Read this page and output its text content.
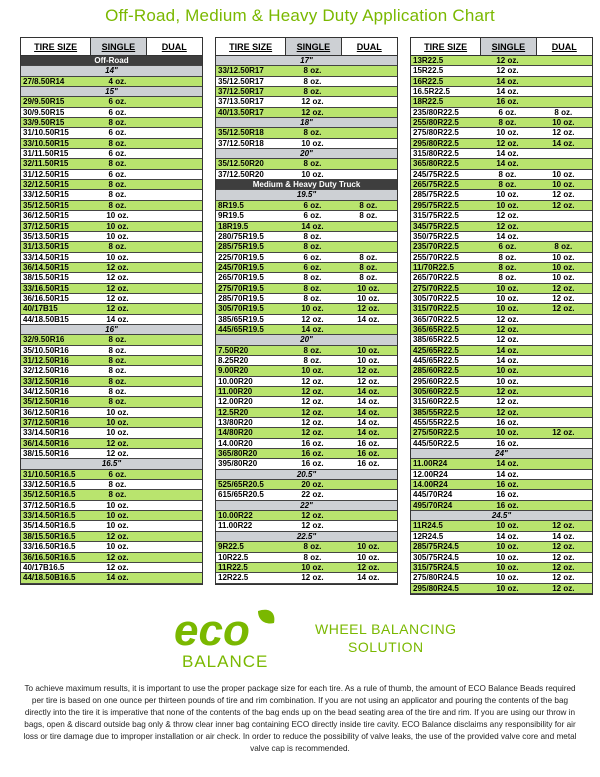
Off-Road, Medium & Heavy Duty Application Chart
TIRE SIZE	SINGLE	DUAL
Off-Road
14"
27/8.50R14	4 oz.
15"
29/9.50R15	6 oz.
30/9.50R15	6 oz.
33/9.50R15	8 oz.
31/10.50R15	6 oz.
33/10.50R15	8 oz.
31/11.50R15	6 oz.
32/11.50R15	8 oz.
31/12.50R15	6 oz.
32/12.50R15	8 oz.
33/12.50R15	8 oz.
35/12.50R15	8 oz.
36/12.50R15	10 oz.
37/12.50R15	10 oz.
35/13.50R15	10 oz.
31/13.50R15	8 oz.
33/14.50R15	10 oz.
36/14.50R15	12 oz.
38/15.50R15	12 oz.
33/16.50R15	12 oz.
36/16.50R15	12 oz.
40/17B15	12 oz.
44/18.50B15	14 oz.
16"
32/9.50R16	8 oz.
35/10.50R16	8 oz.
31/12.50R16	8 oz.
32/12.50R16	8 oz.
33/12.50R16	8 oz.
34/12.50R16	8 oz.
35/12.50R16	8 oz.
36/12.50R16	10 oz.
37/12.50R16	10 oz.
33/14.50R16	10 oz.
36/14.50R16	12 oz.
38/15.50R16	12 oz.
16.5"
31/10.50R16.5	6 oz.
33/12.50R16.5	8 oz.
35/12.50R16.5	8 oz.
37/12.50R16.5	10 oz.
33/14.50R16.5	10 oz.
35/14.50R16.5	10 oz.
38/15.50R16.5	12 oz.
33/16.50R16.5	10 oz.
36/16.50R16.5	12 oz.
40/17B16.5	12 oz.
44/18.50B16.5	14 oz.
TIRE SIZE	SINGLE	DUAL
17"
33/12.50R17	8 oz.
35/12.50R17	8 oz.
37/12.50R17	8 oz.
37/13.50R17	12 oz.
40/13.50R17	12 oz.
18"
35/12.50R18	8 oz.
37/12.50R18	10 oz.
20"
35/12.50R20	8 oz.
37/12.50R20	10 oz.
Medium & Heavy Duty Truck
19.5"
8R19.5	6 oz.	8 oz.
9R19.5	6 oz.	8 oz.
18R19.5	14 oz.
280/75R19.5	8 oz.
285/75R19.5	8 oz.
225/70R19.5	6 oz.	8 oz.
245/70R19.5	6 oz.	8 oz.
265/70R19.5	8 oz.	8 oz.
275/70R19.5	8 oz.	10 oz.
285/70R19.5	8 oz.	10 oz.
305/70R19.5	10 oz.	12 oz.
385/65R19.5	12 oz.	14 oz.
445/65R19.5	14 oz.
20"
7.50R20	8 oz.	10 oz.
8.25R20	8 oz.	10 oz.
9.00R20	10 oz.	12 oz.
10.00R20	12 oz.	12 oz.
11.00R20	12 oz.	14 oz.
12.00R20	12 oz.	14 oz.
12.5R20	12 oz.	14 oz.
13/80R20	12 oz.	14 oz.
14/80R20	12 oz.	14 oz.
14.00R20	16 oz.	16 oz.
365/80R20	16 oz.	16 oz.
395/80R20	16 oz.	16 oz.
20.5"
525/65R20.5	20 oz.
615/65R20.5	22 oz.
22"
10.00R22	12 oz.
11.00R22	12 oz.
22.5"
9R22.5	8 oz.	10 oz.
10R22.5	8 oz.	10 oz.
11R22.5	10 oz.	12 oz.
12R22.5	12 oz.	14 oz.
TIRE SIZE	SINGLE	DUAL
13R22.5	12 oz.
15R22.5	12 oz.
16R22.5	14 oz.
16.5R22.5	14 oz.
18R22.5	16 oz.
235/80R22.5	6 oz.	8 oz.
255/80R22.5	8 oz.	10 oz.
275/80R22.5	10 oz.	12 oz.
295/80R22.5	12 oz.	14 oz.
315/80R22.5	14 oz.
365/80R22.5	14 oz.
245/75R22.5	8 oz.	10 oz.
265/75R22.5	8 oz.	10 oz.
285/75R22.5	10 oz.	12 oz.
295/75R22.5	10 oz.	12 oz.
315/75R22.5	12 oz.
345/75R22.5	12 oz.
350/75R22.5	14 oz.
235/70R22.5	6 oz.	8 oz.
255/70R22.5	8 oz.	10 oz.
11/70R22.5	8 oz.	10 oz.
265/70R22.5	8 oz.	10 oz.
275/70R22.5	10 oz.	12 oz.
305/70R22.5	10 oz.	12 oz.
315/70R22.5	10 oz.	12 oz.
365/70R22.5	12 oz.
365/65R22.5	12 oz.
385/65R22.5	12 oz.
425/65R22.5	14 oz.
445/65R22.5	14 oz.
285/60R22.5	10 oz.
295/60R22.5	10 oz.
305/60R22.5	12 oz.
315/60R22.5	12 oz.
385/55R22.5	12 oz.
455/55R22.5	16 oz.
275/50R22.5	10 oz.	12 oz.
445/50R22.5	16 oz.
24"
11.00R24	14 oz.
12.00R24	14 oz.
14.00R24	16 oz.
445/70R24	16 oz.
495/70R24	16 oz.
24.5"
11R24.5	10 oz.	12 oz.
12R24.5	14 oz.	14 oz.
285/75R24.5	10 oz.	12 oz.
305/75R24.5	10 oz.	12 oz.
315/75R24.5	10 oz.	12 oz.
275/80R24.5	10 oz.	12 oz.
295/80R24.5	10 oz.	12 oz.
eco
BALANCE
WHEEL BALANCING
SOLUTION
To achieve maximum results, it is important to use the proper package size for each tire. As a rule of thumb, the amount of ECO Balance Beads required per tire is based on one ounce per thirteen pounds of tire and rim combination. If you are not using an applicator and pouring the contents of the bag directly into the tire it is imperative that none of the contents of the bag ends up on the bead seating area of the tire and rim. If you are using our throw in bags, open & discard outside bag only & throw clear inner bag containing ECO directly inside tire cavity. ECO Balance disclaims any responsibility for air loss or tire damage due to improper installation or air check. In order to reduce the possibility of valve leaks, the use of the provided valve core and metal valve cap is recommended.
